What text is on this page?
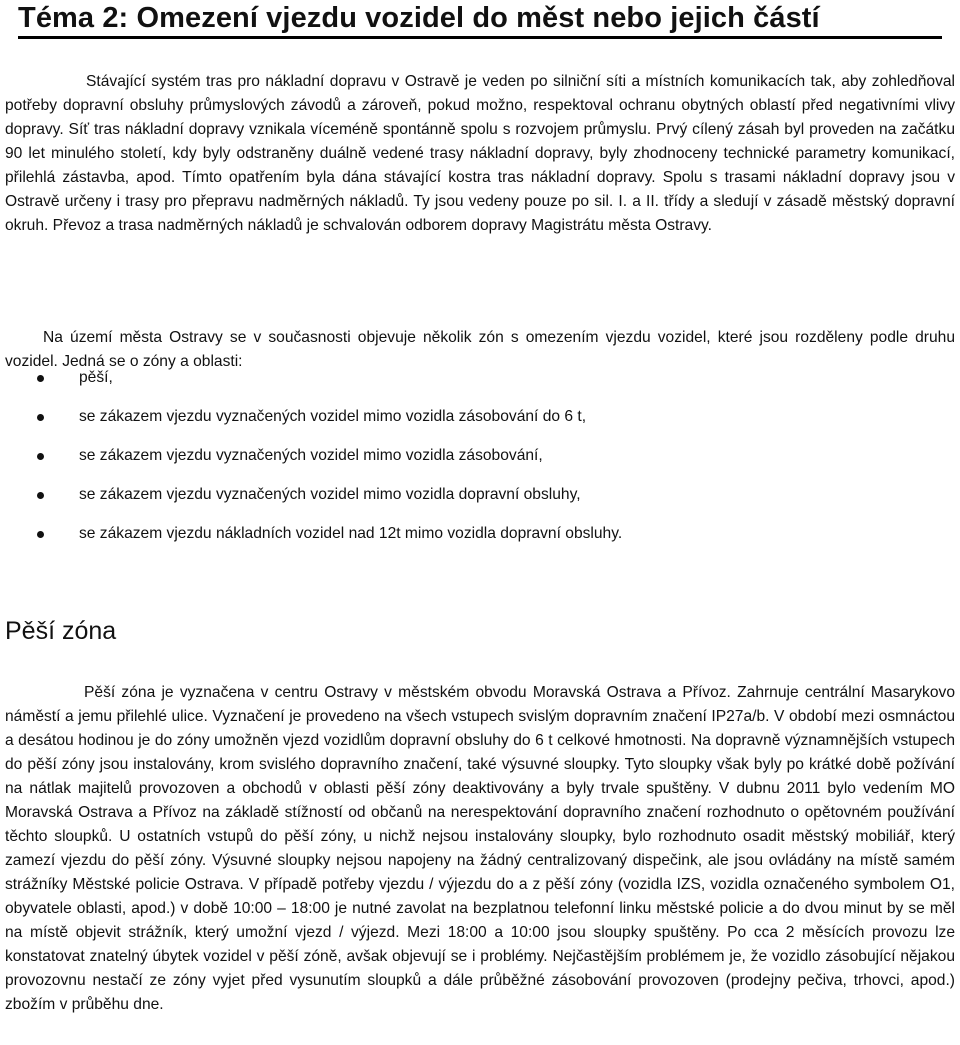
Téma 2: Omezení vjezdu vozidel do měst nebo jejich částí

Stávající systém tras pro nákladní dopravu v Ostravě je veden po silniční síti a místních komunikacích tak, aby zohledňoval potřeby dopravní obsluhy průmyslových závodů a zároveň, pokud možno, respektoval ochranu obytných oblastí před negativními vlivy dopravy. Síť tras nákladní dopravy vznikala víceméně spontánně spolu s rozvojem průmyslu. Prvý cílený zásah byl proveden na začátku 90 let minulého století, kdy byly odstraněny duálně vedené trasy nákladní dopravy, byly zhodnoceny technické parametry komunikací, přilehlá zástavba, apod. Tímto opatřením byla dána stávající kostra tras nákladní dopravy. Spolu s trasami nákladní dopravy jsou v Ostravě určeny i trasy pro přepravu nadměrných nákladů. Ty jsou vedeny pouze po sil. I. a II. třídy a sledují v zásadě městský dopravní okruh. Převoz a trasa nadměrných nákladů je schvalován odborem dopravy Magistrátu města Ostravy.

pěší,
se zákazem vjezdu vyznačených vozidel mimo vozidla zásobování do 6 t,
se zákazem vjezdu vyznačených vozidel mimo vozidla zásobování,
se zákazem vjezdu vyznačených vozidel mimo vozidla dopravní obsluhy,
se zákazem vjezdu nákladních vozidel nad 12t mimo vozidla dopravní obsluhy.

Na území města Ostravy se v současnosti objevuje několik zón s omezením vjezdu vozidel, které jsou rozděleny podle druhu vozidel. Jedná se o zóny a oblasti:

Pěší zóna

Pěší zóna je vyznačena v centru Ostravy v městském obvodu Moravská Ostrava a Přívoz. Zahrnuje centrální Masarykovo náměstí a jemu přilehlé ulice. Vyznačení je provedeno na všech vstupech svislým dopravním značení IP27a/b. V období mezi osmnáctou a desátou hodinou je do zóny umožněn vjezd vozidlům dopravní obsluhy do 6 t celkové hmotnosti. Na dopravně významnějších vstupech do pěší zóny jsou instalovány, krom svislého dopravního značení, také výsuvné sloupky. Tyto sloupky však byly po krátké době požívání na nátlak majitelů provozoven a obchodů v oblasti pěší zóny deaktivovány a byly trvale spuštěny. V dubnu 2011 bylo vedením MO Moravská Ostrava a Přívoz na základě stížností od občanů na nerespektování dopravního značení rozhodnuto o opětovném používání těchto sloupků. U ostatních vstupů do pěší zóny, u nichž nejsou instalovány sloupky, bylo rozhodnuto osadit městský mobiliář, který zamezí vjezdu do pěší zóny. Výsuvné sloupky nejsou napojeny na žádný centralizovaný dispečink, ale jsou ovládány na místě samém strážníky Městské policie Ostrava. V případě potřeby vjezdu / výjezdu do a z pěší zóny (vozidla IZS, vozidla označeného symbolem O1, obyvatele oblasti, apod.) v době 10:00 – 18:00 je nutné zavolat na bezplatnou telefonní linku městské policie a do dvou minut by se měl na místě objevit strážník, který umožní vjezd / výjezd. Mezi 18:00 a 10:00 jsou sloupky spuštěny. Po cca 2 měsících provozu lze konstatovat znatelný úbytek vozidel v pěší zóně, avšak objevují se i problémy. Nejčastějším problémem je, že vozidlo zásobující nějakou provozovnu nestačí ze zóny vyjet před vysunutím sloupků a dále průběžné zásobování provozoven (prodejny pečiva, trhovci, apod.) zbožím v průběhu dne.
